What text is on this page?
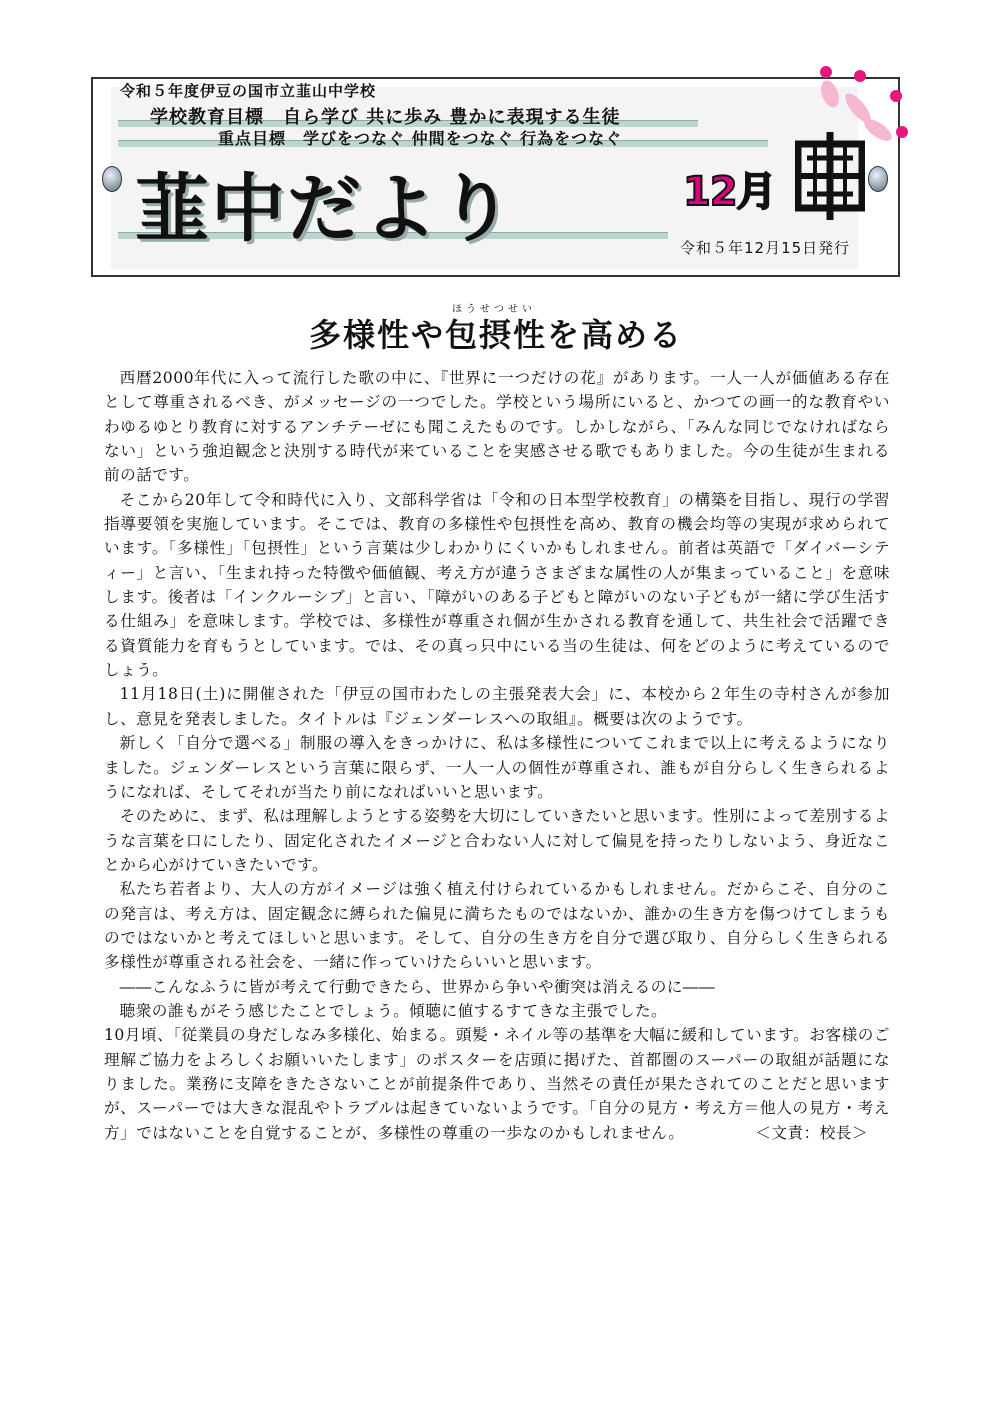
令和５年度伊豆の国市立韮山中学校
学校教育目標　自ら学び 共に歩み 豊かに表現する生徒
重点目標　学びをつなぐ 仲間をつなぐ 行為をつなぐ
韮中だより	12月
令和５年12月15日発行
ほうせつせい
多様性や包摂性を高める

西暦2000年代に入って流行した歌の中に、『世界に一つだけの花』があります。一人一人が価値ある存在として尊重されるべき、がメッセージの一つでした。学校という場所にいると、かつての画一的な教育やいわゆるゆとり教育に対するアンチテーゼにも聞こえたものです。しかしながら、「みんな同じでなければならない」という強迫観念と決別する時代が来ていることを実感させる歌でもありました。今の生徒が生まれる前の話です。

そこから20年して令和時代に入り、文部科学省は「令和の日本型学校教育」の構築を目指し、現行の学習指導要領を実施しています。そこでは、教育の多様性や包摂性を高め、教育の機会均等の実現が求められています。「多様性」「包摂性」という言葉は少しわかりにくいかもしれません。前者は英語で「ダイバーシティー」と言い、「生まれ持った特徴や価値観、考え方が違うさまざまな属性の人が集まっていること」を意味します。後者は「インクルーシブ」と言い、「障がいのある子どもと障がいのない子どもが一緒に学び生活する仕組み」を意味します。学校では、多様性が尊重され個が生かされる教育を通して、共生社会で活躍できる資質能力を育もうとしています。では、その真っ只中にいる当の生徒は、何をどのように考えているのでしょう。

11月18日(土)に開催された「伊豆の国市わたしの主張発表大会」に、本校から２年生の寺村さんが参加し、意見を発表しました。タイトルは『ジェンダーレスへの取組』。概要は次のようです。

新しく「自分で選べる」制服の導入をきっかけに、私は多様性についてこれまで以上に考えるようになりました。ジェンダーレスという言葉に限らず、一人一人の個性が尊重され、誰もが自分らしく生きられるようになれば、そしてそれが当たり前になればいいと思います。

そのために、まず、私は理解しようとする姿勢を大切にしていきたいと思います。性別によって差別するような言葉を口にしたり、固定化されたイメージと合わない人に対して偏見を持ったりしないよう、身近なことから心がけていきたいです。

私たち若者より、大人の方がイメージは強く植え付けられているかもしれません。だからこそ、自分のこの発言は、考え方は、固定観念に縛られた偏見に満ちたものではないか、誰かの生き方を傷つけてしまうものではないかと考えてほしいと思います。そして、自分の生き方を自分で選び取り、自分らしく生きられる多様性が尊重される社会を、一緒に作っていけたらいいと思います。

――こんなふうに皆が考えて行動できたら、世界から争いや衝突は消えるのに――

聴衆の誰もがそう感じたことでしょう。傾聴に値するすてきな主張でした。

10月頃、「従業員の身だしなみ多様化、始まる。頭髪・ネイル等の基準を大幅に緩和しています。お客様のご理解ご協力をよろしくお願いいたします」のポスターを店頭に掲げた、首都圏のスーパーの取組が話題になりました。業務に支障をきたさないことが前提条件であり、当然その責任が果たされてのことだと思いますが、スーパーでは大きな混乱やトラブルは起きていないようです。「自分の見方・考え方＝他人の見方・考え方」ではないことを自覚することが、多様性の尊重の一歩なのかもしれません。	＜文責：校長＞
